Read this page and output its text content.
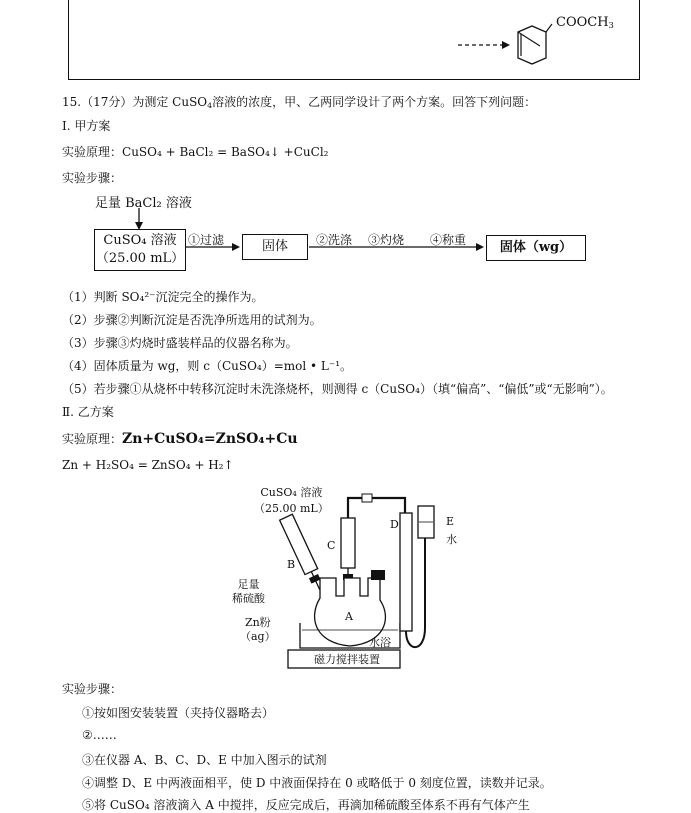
$COOCH_3$
15.（17分）为测定 CuSO$_4$溶液的浓度，甲、乙两同学设计了两个方案。回答下列问题：
Ⅰ. 甲方案
实验原理：CuSO₄ + BaCl₂ = BaSO₄↓ +CuCl₂
实验步骤：
足量 BaCl₂ 溶液
CuSO₄ 溶液
（25.00 mL）
①过滤	固体	②洗涤 ③灼烧 ④称重
固体（wg）
（1）判断 SO₄²⁻沉淀完全的操作为。
（2）步骤②判断沉淀是否洗净所选用的试剂为。
（3）步骤③灼烧时盛装样品的仪器名称为。
（4）固体质量为 wg，则 c（CuSO₄）=mol • L⁻¹。
（5）若步骤①从烧杯中转移沉淀时未洗涤烧杯，则测得 c（CuSO₄）（填“偏高”、“偏低”或“无影响”）。
Ⅱ. 乙方案
实验原理：Zn+CuSO₄=ZnSO₄+Cu
Zn + H₂SO₄ = ZnSO₄ + H₂↑
CuSO₄ 溶液
（25.00 mL）
B
C
D	E
水
足量
稀硫酸
A
Zn粉
（ag）	水浴
磁力搅拌装置
实验步骤：
①按如图安装装置（夹持仪器略去）
②……
③在仪器 A、B、C、D、E 中加入图示的试剂
④调整 D、E 中两液面相平，使 D 中液面保持在 0 或略低于 0 刻度位置，读数并记录。
⑤将 CuSO₄ 溶液滴入 A 中搅拌，反应完成后，再滴加稀硫酸至体系不再有气体产生
